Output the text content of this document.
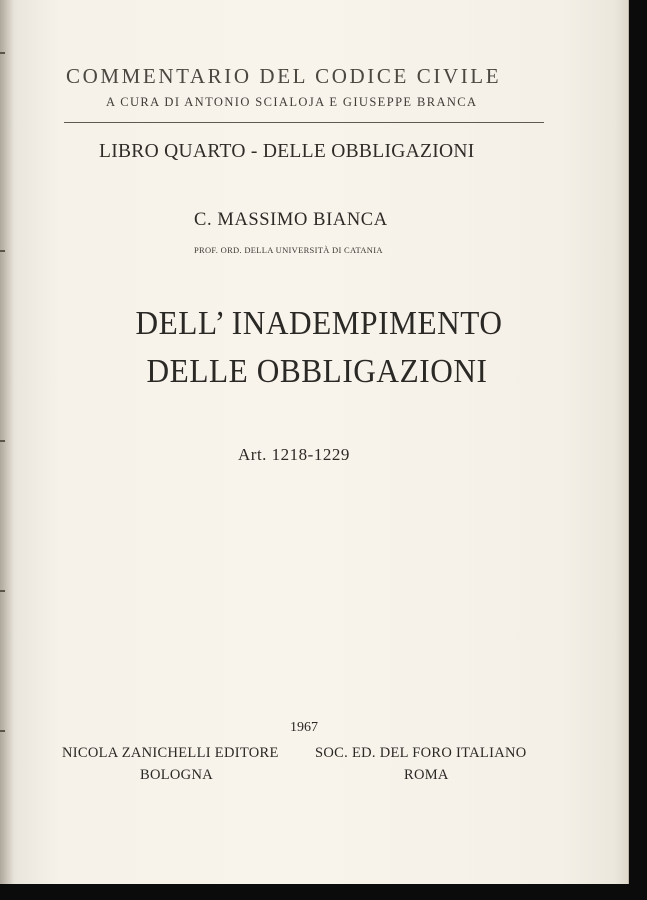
COMMENTARIO DEL CODICE CIVILE
A CURA DI ANTONIO SCIALOJA E GIUSEPPE BRANCA
LIBRO QUARTO - DELLE OBBLIGAZIONI
C. MASSIMO BIANCA
PROF. ORD. DELLA UNIVERSITÀ DI CATANIA
DELL’ INADEMPIMENTO
DELLE OBBLIGAZIONI
Art. 1218-1229
1967
NICOLA ZANICHELLI EDITORE
BOLOGNA
SOC. ED. DEL FORO ITALIANO
ROMA
